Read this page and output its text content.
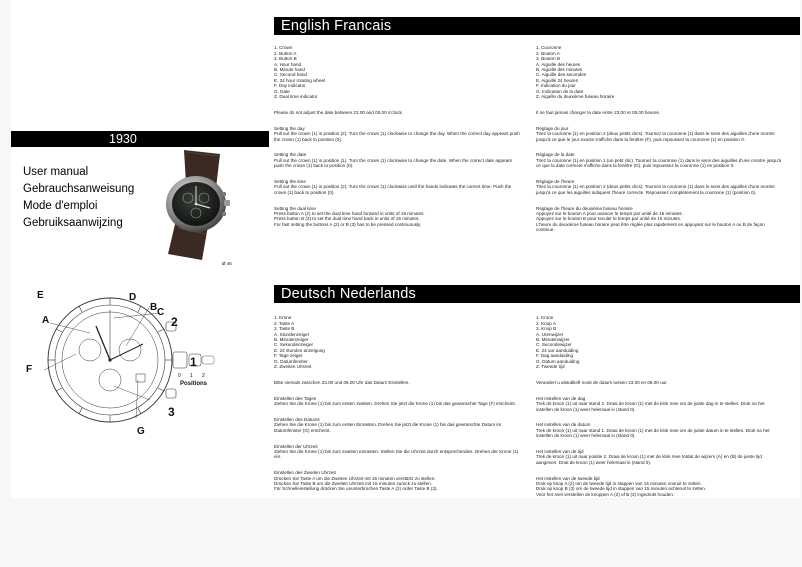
1930
User manual
Gebrauchsanweisung
Mode d'emploi
Gebruiksaanwijzing
Ø 46
English Francais

1. Crown
2. Button A
3. Button B
A. Hour hand
B. Minute hand
C. Second hand
E. 24 hour rotating wheel
F. Day indicator
G. Date
Z. Dual time indicator

Please do not adjust the date between 23.00 and 05.00 o'clock.

Setting the day
Pull out the crown (1) in position (2). Turn the crown (1) clockwise to change the day. When the correct day appears push the crown (1) back to position (0).

Setting the date
Pull out the crown (1) in position (1). Turn the crown (1) clockwise to change the date. When the correct date appears push the crown (1) back to position (0).

Setting the time
Pull out the crown (1) in position (2). Turn the crown (1) clockwise until the hands indicates the correct time. Push the crown (1) back to position (0).

Setting the dual time
Press button A (2) to set the dual time hand forward in units of 15 minutes.
Press button B (3) to set the dual time hand back in units of 15 minutes.
For fast setting the buttons A (2) or B (3) has to be pressed continuously.

1. Couronne
2. Bouton A
3. Bouton B
A. Aiguille des heures
B. Aiguille des minutes
C. Aiguille des secondes
E. Aiguille 24 heures
F. Indication du jour
G. Indication de la date
Z. Aiguille du deuxième fuseau horaire

Il ne faut jamais changer la date entre 23.00 et 05.00 heures.

Réglage du jour
Tirez la couronne (1) en position 2 (deux petits clics). Tournez la couronne (1) dans le sens des aiguilles d'une montre jusqu'à ce que le jour exacte s'affiche dans la fenêtre (F), puis repoussez la couronne (1) en position 0.

Réglage de la date
Tirez la couronne (1) en position 1 (un petit clic). Tournez la couronne (1) dans le sens des aiguilles d'une montre jusqu'à ce que la date correcte s'affiche dans la fenêtre (G), puis repoussez la couronne (1) en position 0.

Réglage de l'heure
Tirez la couronne (1) en position 2 (deux petits clics). Tournez la couronne (1) dans le sens des aiguilles d'une montre jusqu'à ce que les aiguilles indiquent l'heure correcte. Repoussez complètement la couronne (1) (position 0).

Réglage de l'heure du deuxième fuseau horaire
Appuyez sur le bouton A pour avancer le temps par unité de 15 minutes.
Appuyez sur le bouton B pour reculer le temps par unité de 15 minutes.
L'heure du deuxième fuseau horaire peut être réglée plus rapidement en appuyant sur le bouton A ou B de façon continue.

A
B C
D
E
F
G
1
2
3
Positions
0 1 2
Deutsch Nederlands

1. Krone
2. Taste A
3. Taste B
A. Stundenzeiger
B. Minutenzeiger
C. Sekundenzeiger
E. 24 stunden anzeigung
F. Tage zeiger
G. Datumfenster
Z. Zweiten Uhrzeit

Bitte niemals zwischen 23.00 und 05.00 Uhr das Datum Einstellen.

Einstellen des Tages
Ziehen Sie die Krone (1) bis zum ersten zweiten. Drehen Sie jetzt die Krone (1) bis das gewünschte Tage (F) erscheint.

Einstellen des Datums
Ziehen Sie die Krone (1) bis zum ersten Einrasten. Drehen Sie jetzt die Krone (1) bis das gewünschte Datum im Datumfenster (G) erscheint.

Einstellen der Uhrzeit
Ziehen Sie die Krone (1) bis zum zweiten einrasten. Stellen Sie die Uhrzeit durch entsprechendes. Drehen der Krone (1) ein.

Einstellen des Zweiten Uhrzeit
Drücken Sie Taste A um die Zweiten Uhrzeit mit 15 minuten verstärtz zu stellen.
Drücken Sie Taste B um die Zweiten Uhrzeit mit 15 minuten zurück zu stellen.
Für Schnelleinstellung drücken Sie ununterbrochen Taste A (2) order Taste B (3).

1. Kroon
2. Knop A
3. Knop B
A. Urenwijzer
B. Minutenwijzer
C. Secondewijzer
E. 24 uur aanduiding
F. Dag aanduiding
G. Datum aanduiding
Z. Tweede tijd

Verandert u alstublieft nooit de datum tussen 23.00 en 05.00 uur.

Het instellen van de dag
Trek de kroon (1) uit naar stand 2. Draai de kroon (1) met de klok mee om de juiste dag in te stellen. Druk na het instellen de kroon (1) weer helemaal in (stand 0).

Het instellen van de datum
Trek de kroon (1) uit naar stand 1. Draai de kroon (1) met de klok mee om de juiste datum in te stellen. Druk na het instellen de kroon (1) weer helemaal in (stand 0).

Het instellen van de tijd
Trek de kroon (1) uit naar positie 2. Draai de kroon (1) met de klok mee totdat de wijzers (A) en (B) de juiste tijd aangeven. Druk de kroon (1) weer helemaal in (stand 0).

Het instellen van de tweede tijd
Druk op knop A (2) om de tweede tijd in stappen van 15 minuten vooruit te zetten.
Druk op knop B (3) om de tweede tijd in stappen van 15 minuten achteruit te zetten.
Voor het snel verstellen de knoppen A (2) of B (3) ingedrukt houden.
